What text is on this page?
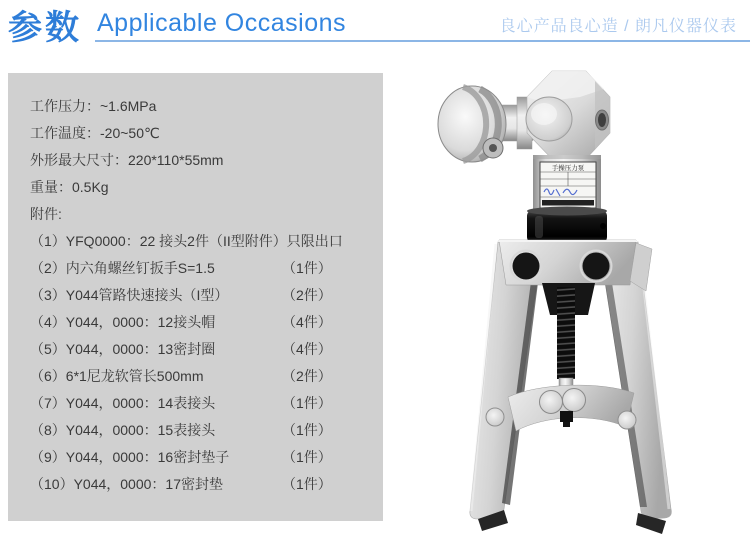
参数 Applicable Occasions	良心产品良心造 / 朗凡仪器仪表
工作压力：~1.6MPa
工作温度：-20~50℃
外形最大尺寸：220*110*55mm
重量：0.5Kg
附件:
（1）YFQ0000：22 接头2件（II型附件）只限出口
（2）内六角螺丝钉扳手S=1.5	（1件）
（3）Y044管路快速接头（I型）	（2件）
（4）Y044，0000：12接头帽	（4件）
（5）Y044，0000：13密封圈	（4件）
（6）6*1尼龙软管长500mm	（2件）
（7）Y044，0000：14表接头	（1件）
（8）Y044，0000：15表接头	（1件）
（9）Y044，0000：16密封垫子	（1件）
（10）Y044，0000：17密封垫	（1件）
手操压力泵
